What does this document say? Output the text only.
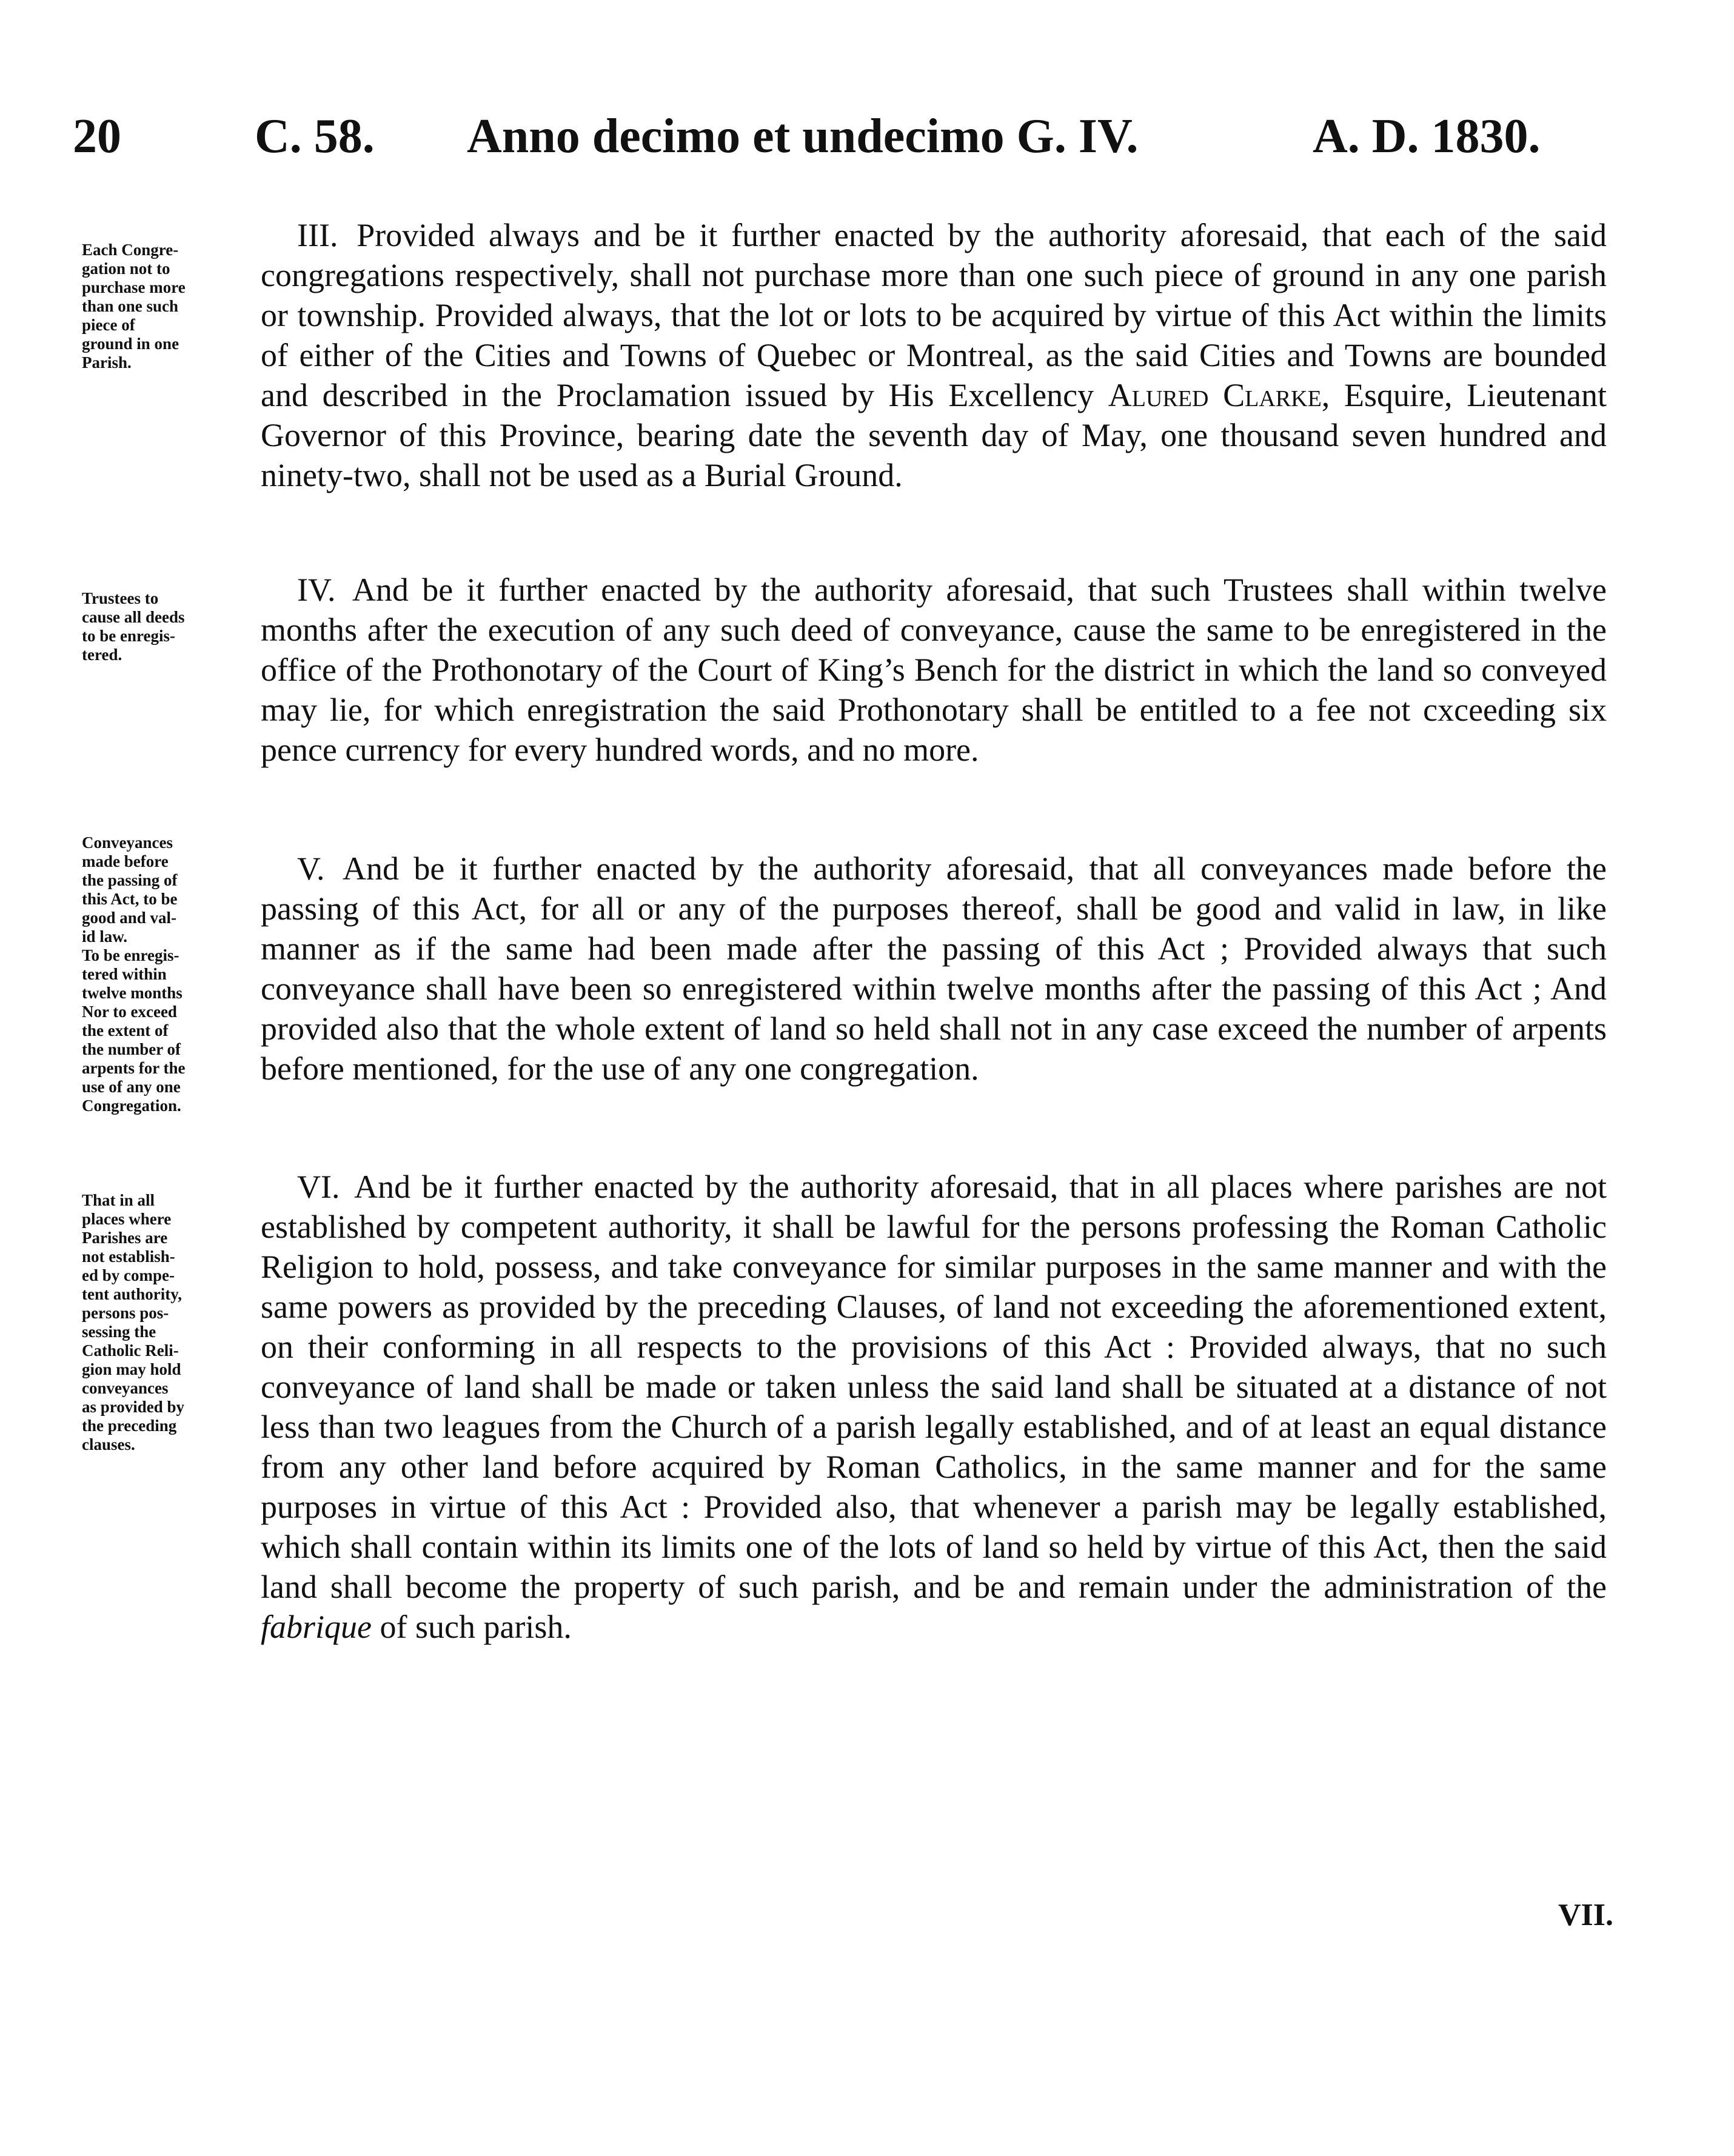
20	C. 58. Anno decimo et undecimo G. IV.	A. D. 1830.
Each Congre-
gation not to
purchase more
than one such
piece of
ground in one
Parish.
III. Provided always and be it further enacted by the authority aforesaid, that each of the said congregations respectively, shall not purchase more than one such piece of ground in any one parish or township. Provided always, that the lot or lots to be acquired by virtue of this Act within the limits of either of the Cities and Towns of Quebec or Montreal, as the said Cities and Towns are bounded and described in the Proclamation issued by His Excellency Alured Clarke, Esquire, Lieutenant Governor of this Province, bearing date the seventh day of May, one thousand seven hundred and ninety-two, shall not be used as a Burial Ground.
Trustees to
cause all deeds
to be enregis-
tered.
IV. And be it further enacted by the authority aforesaid, that such Trustees shall within twelve months after the execution of any such deed of conveyance, cause the same to be enregistered in the office of the Prothonotary of the Court of King’s Bench for the district in which the land so conveyed may lie, for which enregistration the said Prothonotary shall be entitled to a fee not cxceeding six pence currency for every hundred words, and no more.
Conveyances
made before
the passing of
this Act, to be
good and val-
id law.
To be enregis-
tered within
twelve months
Nor to exceed
the extent of
the number of
arpents for the
use of any one
Congregation.
V. And be it further enacted by the authority aforesaid, that all conveyances made before the passing of this Act, for all or any of the purposes thereof, shall be good and valid in law, in like manner as if the same had been made after the passing of this Act ; Provided always that such conveyance shall have been so enregistered within twelve months after the passing of this Act ; And provided also that the whole extent of land so held shall not in any case exceed the number of arpents before mentioned, for the use of any one congregation.
That in all
places where
Parishes are
not establish-
ed by compe-
tent authority,
persons pos-
sessing the
Catholic Reli-
gion may hold
conveyances
as provided by
the preceding
clauses.
VI. And be it further enacted by the authority aforesaid, that in all places where parishes are not established by competent authority, it shall be lawful for the persons professing the Roman Catholic Religion to hold, possess, and take conveyance for similar purposes in the same manner and with the same powers as provided by the preceding Clauses, of land not exceeding the aforementioned extent, on their conforming in all respects to the provisions of this Act : Provided always, that no such conveyance of land shall be made or taken unless the said land shall be situated at a distance of not less than two leagues from the Church of a parish legally established, and of at least an equal distance from any other land before acquired by Roman Catholics, in the same manner and for the same purposes in virtue of this Act : Provided also, that whenever a parish may be legally established, which shall contain within its limits one of the lots of land so held by virtue of this Act, then the said land shall become the property of such parish, and be and remain under the administration of the fabrique of such parish.
VII.
